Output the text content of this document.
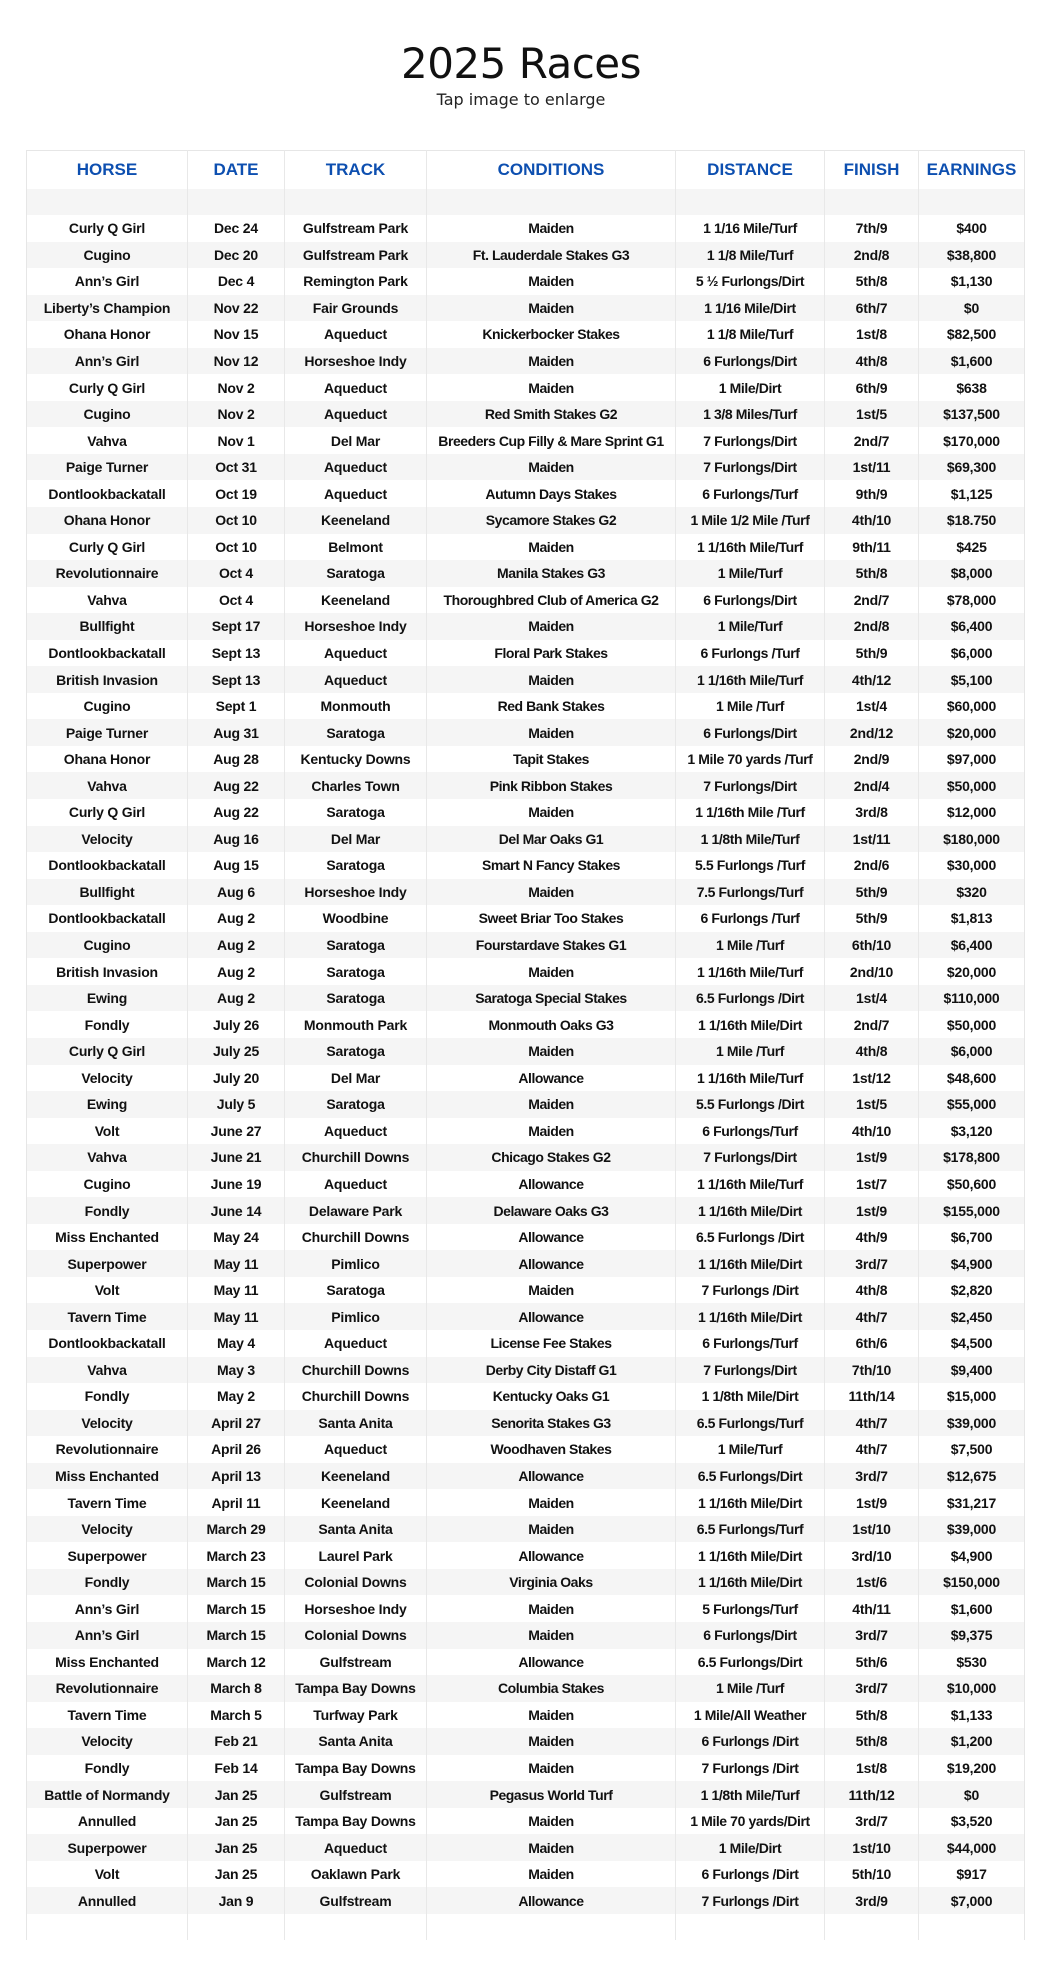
2025 Races
Tap image to enlarge
HORSE	DATE	TRACK	CONDITIONS	DISTANCE	FINISH	EARNINGS

Curly Q Girl	Dec 24	Gulfstream Park	Maiden	1 1/16 Mile/Turf	7th/9	$400
Cugino	Dec 20	Gulfstream Park	Ft. Lauderdale Stakes G3	1 1/8 Mile/Turf	2nd/8	$38,800
Ann’s Girl	Dec 4	Remington Park	Maiden	5 ½ Furlongs/Dirt	5th/8	$1,130
Liberty’s Champion	Nov 22	Fair Grounds	Maiden	1 1/16 Mile/Dirt	6th/7	$0
Ohana Honor	Nov 15	Aqueduct	Knickerbocker Stakes	1 1/8 Mile/Turf	1st/8	$82,500
Ann’s Girl	Nov 12	Horseshoe Indy	Maiden	6 Furlongs/Dirt	4th/8	$1,600
Curly Q Girl	Nov 2	Aqueduct	Maiden	1 Mile/Dirt	6th/9	$638
Cugino	Nov 2	Aqueduct	Red Smith Stakes G2	1 3/8 Miles/Turf	1st/5	$137,500
Vahva	Nov 1	Del Mar	Breeders Cup Filly & Mare Sprint G1	7 Furlongs/Dirt	2nd/7	$170,000
Paige Turner	Oct 31	Aqueduct	Maiden	7 Furlongs/Dirt	1st/11	$69,300
Dontlookbackatall	Oct 19	Aqueduct	Autumn Days Stakes	6 Furlongs/Turf	9th/9	$1,125
Ohana Honor	Oct 10	Keeneland	Sycamore Stakes G2	1 Mile 1/2 Mile /Turf	4th/10	$18.750
Curly Q Girl	Oct 10	Belmont	Maiden	1 1/16th Mile/Turf	9th/11	$425
Revolutionnaire	Oct 4	Saratoga	Manila Stakes G3	1 Mile/Turf	5th/8	$8,000
Vahva	Oct 4	Keeneland	Thoroughbred Club of America G2	6 Furlongs/Dirt	2nd/7	$78,000
Bullfight	Sept 17	Horseshoe Indy	Maiden	1 Mile/Turf	2nd/8	$6,400
Dontlookbackatall	Sept 13	Aqueduct	Floral Park Stakes	6 Furlongs /Turf	5th/9	$6,000
British Invasion	Sept 13	Aqueduct	Maiden	1 1/16th Mile/Turf	4th/12	$5,100
Cugino	Sept 1	Monmouth	Red Bank Stakes	1 Mile /Turf	1st/4	$60,000
Paige Turner	Aug 31	Saratoga	Maiden	6 Furlongs/Dirt	2nd/12	$20,000
Ohana Honor	Aug 28	Kentucky Downs	Tapit Stakes	1 Mile 70 yards /Turf	2nd/9	$97,000
Vahva	Aug 22	Charles Town	Pink Ribbon Stakes	7 Furlongs/Dirt	2nd/4	$50,000
Curly Q Girl	Aug 22	Saratoga	Maiden	1 1/16th Mile /Turf	3rd/8	$12,000
Velocity	Aug 16	Del Mar	Del Mar Oaks G1	1 1/8th Mile/Turf	1st/11	$180,000
Dontlookbackatall	Aug 15	Saratoga	Smart N Fancy Stakes	5.5 Furlongs /Turf	2nd/6	$30,000
Bullfight	Aug 6	Horseshoe Indy	Maiden	7.5 Furlongs/Turf	5th/9	$320
Dontlookbackatall	Aug 2	Woodbine	Sweet Briar Too Stakes	6 Furlongs /Turf	5th/9	$1,813
Cugino	Aug 2	Saratoga	Fourstardave Stakes G1	1 Mile /Turf	6th/10	$6,400
British Invasion	Aug 2	Saratoga	Maiden	1 1/16th Mile/Turf	2nd/10	$20,000
Ewing	Aug 2	Saratoga	Saratoga Special Stakes	6.5 Furlongs /Dirt	1st/4	$110,000
Fondly	July 26	Monmouth Park	Monmouth Oaks G3	1 1/16th Mile/Dirt	2nd/7	$50,000
Curly Q Girl	July 25	Saratoga	Maiden	1 Mile /Turf	4th/8	$6,000
Velocity	July 20	Del Mar	Allowance	1 1/16th Mile/Turf	1st/12	$48,600
Ewing	July 5	Saratoga	Maiden	5.5 Furlongs /Dirt	1st/5	$55,000
Volt	June 27	Aqueduct	Maiden	6 Furlongs/Turf	4th/10	$3,120
Vahva	June 21	Churchill Downs	Chicago Stakes G2	7 Furlongs/Dirt	1st/9	$178,800
Cugino	June 19	Aqueduct	Allowance	1 1/16th Mile/Turf	1st/7	$50,600
Fondly	June 14	Delaware Park	Delaware Oaks G3	1 1/16th Mile/Dirt	1st/9	$155,000
Miss Enchanted	May 24	Churchill Downs	Allowance	6.5 Furlongs /Dirt	4th/9	$6,700
Superpower	May 11	Pimlico	Allowance	1 1/16th Mile/Dirt	3rd/7	$4,900
Volt	May 11	Saratoga	Maiden	7 Furlongs /Dirt	4th/8	$2,820
Tavern Time	May 11	Pimlico	Allowance	1 1/16th Mile/Dirt	4th/7	$2,450
Dontlookbackatall	May 4	Aqueduct	License Fee Stakes	6 Furlongs/Turf	6th/6	$4,500
Vahva	May 3	Churchill Downs	Derby City Distaff G1	7 Furlongs/Dirt	7th/10	$9,400
Fondly	May 2	Churchill Downs	Kentucky Oaks G1	1 1/8th Mile/Dirt	11th/14	$15,000
Velocity	April 27	Santa Anita	Senorita Stakes G3	6.5 Furlongs/Turf	4th/7	$39,000
Revolutionnaire	April 26	Aqueduct	Woodhaven Stakes	1 Mile/Turf	4th/7	$7,500
Miss Enchanted	April 13	Keeneland	Allowance	6.5 Furlongs/Dirt	3rd/7	$12,675
Tavern Time	April 11	Keeneland	Maiden	1 1/16th Mile/Dirt	1st/9	$31,217
Velocity	March 29	Santa Anita	Maiden	6.5 Furlongs/Turf	1st/10	$39,000
Superpower	March 23	Laurel Park	Allowance	1 1/16th Mile/Dirt	3rd/10	$4,900
Fondly	March 15	Colonial Downs	Virginia Oaks	1 1/16th Mile/Dirt	1st/6	$150,000
Ann’s Girl	March 15	Horseshoe Indy	Maiden	5 Furlongs/Turf	4th/11	$1,600
Ann’s Girl	March 15	Colonial Downs	Maiden	6 Furlongs/Dirt	3rd/7	$9,375
Miss Enchanted	March 12	Gulfstream	Allowance	6.5 Furlongs/Dirt	5th/6	$530
Revolutionnaire	March 8	Tampa Bay Downs	Columbia Stakes	1 Mile /Turf	3rd/7	$10,000
Tavern Time	March 5	Turfway Park	Maiden	1 Mile/All Weather	5th/8	$1,133
Velocity	Feb 21	Santa Anita	Maiden	6 Furlongs /Dirt	5th/8	$1,200
Fondly	Feb 14	Tampa Bay Downs	Maiden	7 Furlongs /Dirt	1st/8	$19,200
Battle of Normandy	Jan 25	Gulfstream	Pegasus World Turf	1 1/8th Mile/Turf	11th/12	$0
Annulled	Jan 25	Tampa Bay Downs	Maiden	1 Mile 70 yards/Dirt	3rd/7	$3,520
Superpower	Jan 25	Aqueduct	Maiden	1 Mile/Dirt	1st/10	$44,000
Volt	Jan 25	Oaklawn Park	Maiden	6 Furlongs /Dirt	5th/10	$917
Annulled	Jan 9	Gulfstream	Allowance	7 Furlongs /Dirt	3rd/9	$7,000
